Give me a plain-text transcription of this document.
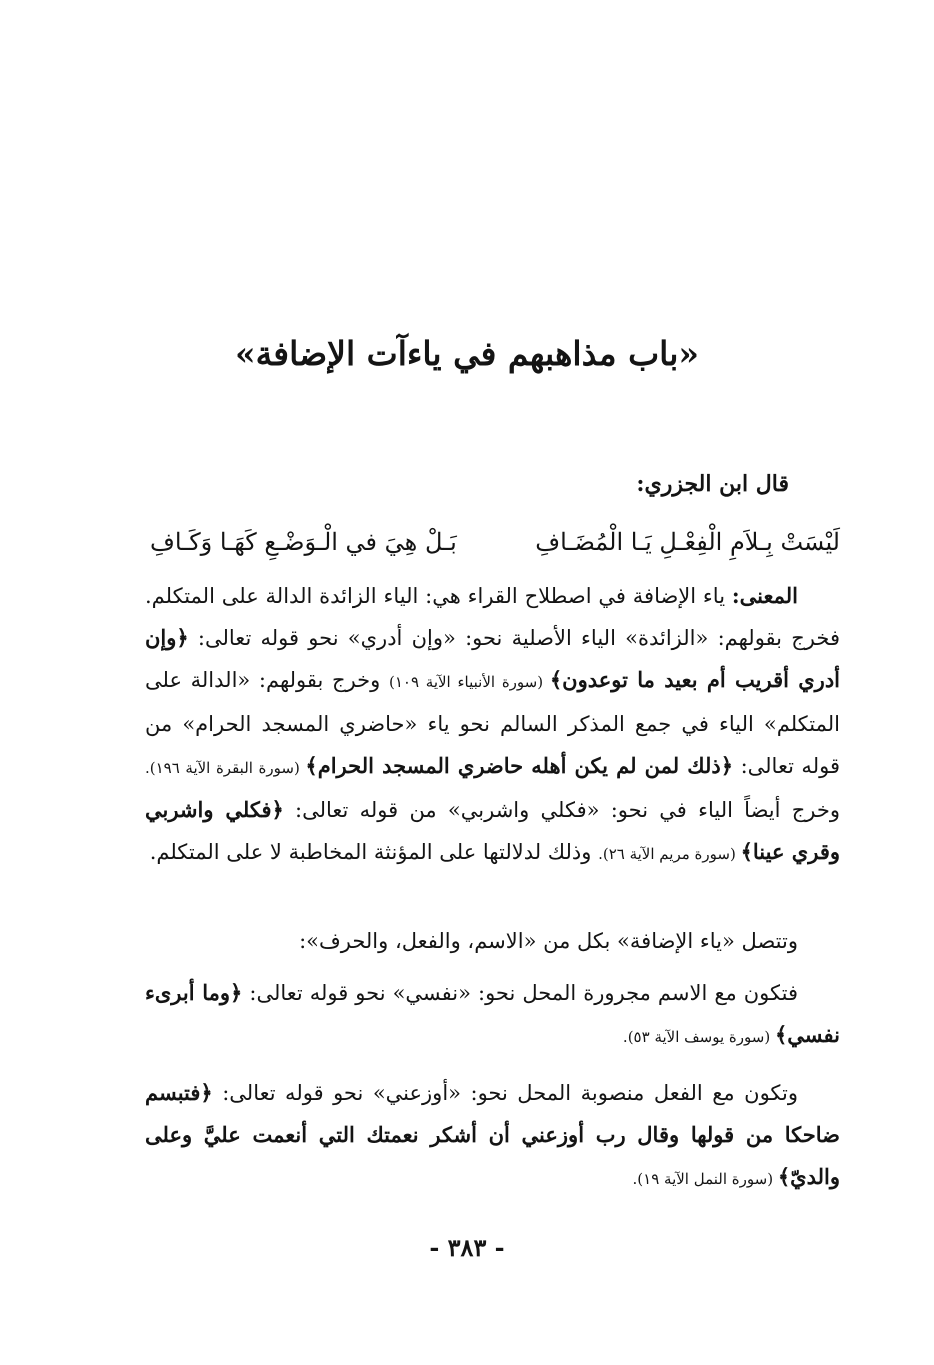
«باب مذاهبهم في ياءآت الإضافة»
قال ابن الجزري:
لَيْسَتْ بِـلاَمِ الْفِعْـلِ يَـا الْمُضَـافِ
بَـلْ هِيَ في الْـوَضْـعِ كَهَـا وَكَـافِ

المعنى: ياء الإضافة في اصطلاح القراء هي: الياء الزائدة الدالة على المتكلم. فخرج بقولهم: «الزائدة» الياء الأصلية نحو: «وإن أدري» نحو قوله تعالى: ﴿وإن أدري أقريب أم بعيد ما توعدون﴾ (سورة الأنبياء الآية ١٠٩) وخرج بقولهم: «الدالة على المتكلم» الياء في جمع المذكر السالم نحو ياء «حاضري المسجد الحرام» من قوله تعالى: ﴿ذلك لمن لم يكن أهله حاضري المسجد الحرام﴾ (سورة البقرة الآية ١٩٦). وخرج أيضاً الياء في نحو: «فكلي واشربي» من قوله تعالى: ﴿فكلي واشربي وقري عينا﴾ (سورة مريم الآية ٢٦). وذلك لدلالتها على المؤنثة المخاطبة لا على المتكلم.

وتتصل «ياء الإضافة» بكل من «الاسم، والفعل، والحرف»:

فتكون مع الاسم مجرورة المحل نحو: «نفسي» نحو قوله تعالى: ﴿وما أبرىء نفسي﴾ (سورة يوسف الآية ٥٣).

وتكون مع الفعل منصوبة المحل نحو: «أوزعني» نحو قوله تعالى: ﴿فتبسم ضاحكا من قولها وقال رب أوزعني أن أشكر نعمتك التي أنعمت عليَّ وعلى والديّ﴾ (سورة النمل الآية ١٩).

- ٣٨٣ -
